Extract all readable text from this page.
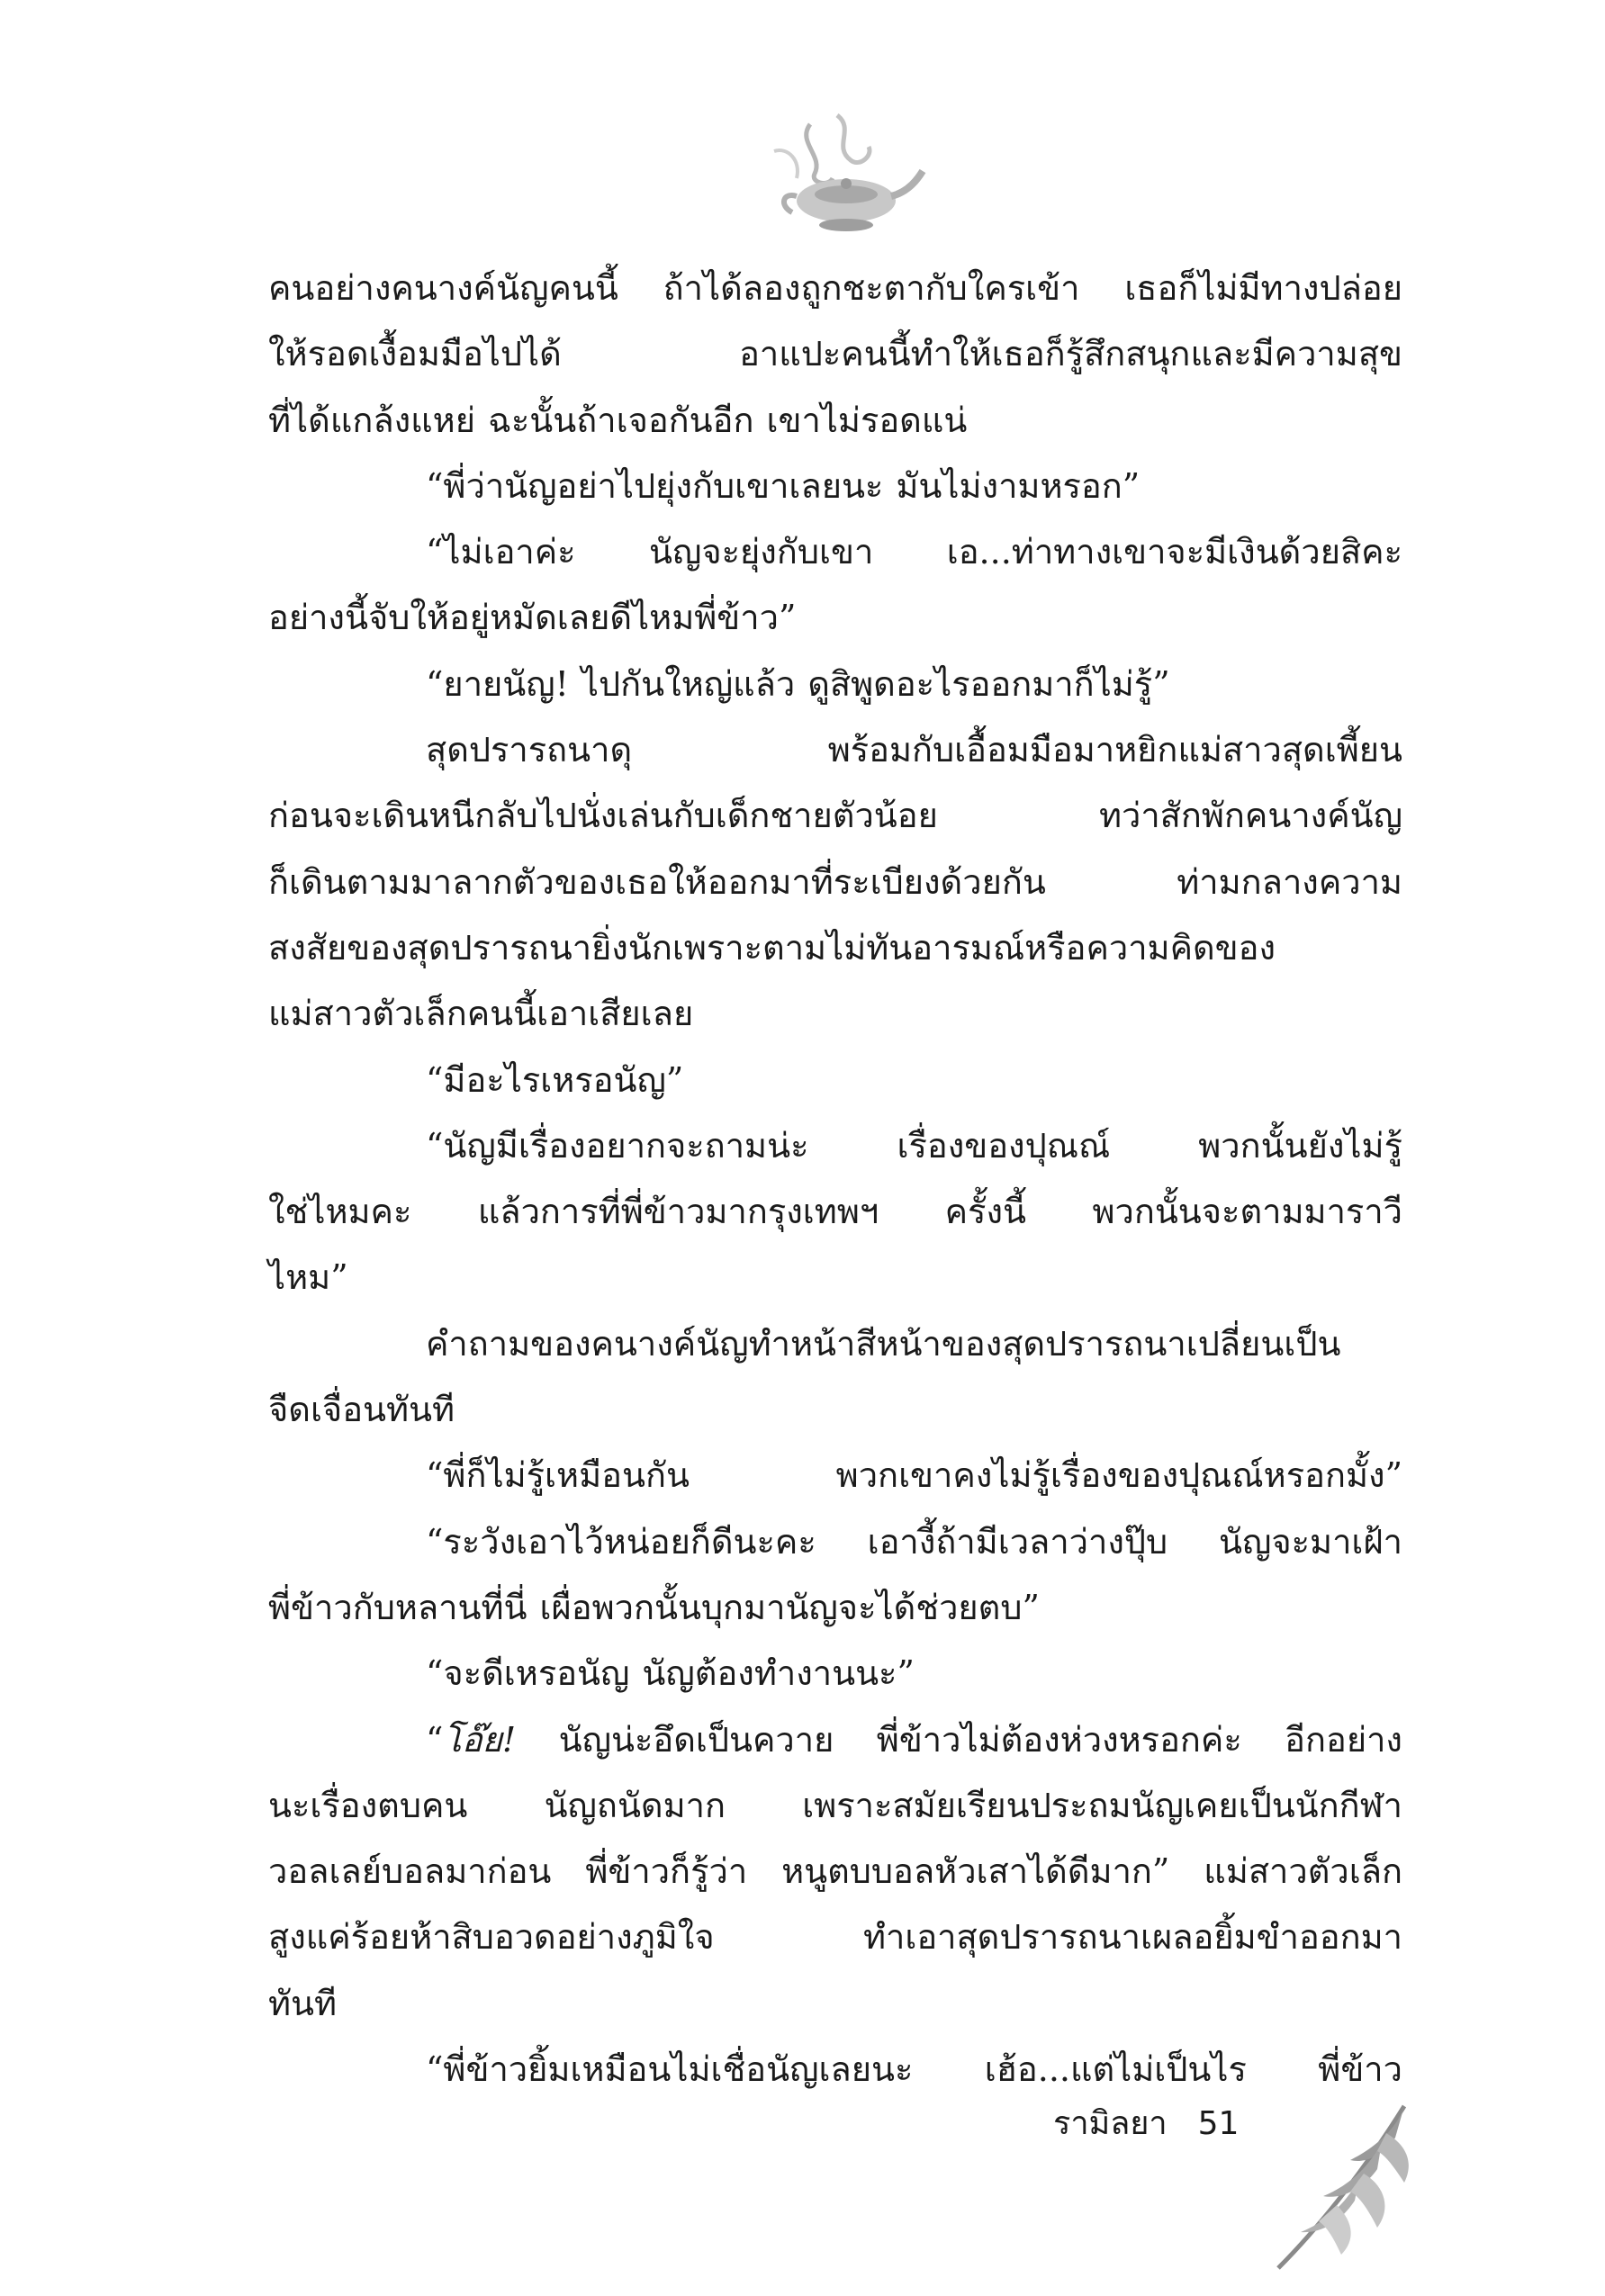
คนอย่างคนางค์นัญคนนี้ ถ้าได้ลองถูกชะตากับใครเข้า เธอก็ไม่มีทางปล่อย
ให้รอดเงื้อมมือไปได้	อาแปะคนนี้ทำให้เธอก็รู้สึกสนุกและมีความสุข
ที่ได้แกล้งแหย่ ฉะนั้นถ้าเจอกันอีก เขาไม่รอดแน่
“พี่ว่านัญอย่าไปยุ่งกับเขาเลยนะ มันไม่งามหรอก”
“ไม่เอาค่ะ นัญจะยุ่งกับเขา เอ...ท่าทางเขาจะมีเงินด้วยสิคะ
อย่างนี้จับให้อยู่หมัดเลยดีไหมพี่ข้าว”
“ยายนัญ! ไปกันใหญ่แล้ว ดูสิพูดอะไรออกมาก็ไม่รู้”
สุดปรารถนาดุ	พร้อมกับเอื้อมมือมาหยิกแม่สาวสุดเพี้ยน
ก่อนจะเดินหนีกลับไปนั่งเล่นกับเด็กชายตัวน้อย	ทว่าสักพักคนางค์นัญ
ก็เดินตามมาลากตัวของเธอให้ออกมาที่ระเบียงด้วยกัน	ท่ามกลางความ
สงสัยของสุดปรารถนายิ่งนักเพราะตามไม่ทันอารมณ์หรือความคิดของ
แม่สาวตัวเล็กคนนี้เอาเสียเลย
“มีอะไรเหรอนัญ”
“นัญมีเรื่องอยากจะถามน่ะ	เรื่องของปุณณ์	พวกนั้นยังไม่รู้
ใช่ไหมคะ แล้วการที่พี่ข้าวมากรุงเทพฯ ครั้งนี้ พวกนั้นจะตามมาราวี
ไหม”
คำถามของคนางค์นัญทำหน้าสีหน้าของสุดปรารถนาเปลี่ยนเป็น
จืดเจื่อนทันที
“พี่ก็ไม่รู้เหมือนกัน	พวกเขาคงไม่รู้เรื่องของปุณณ์หรอกมั้ง”
“ระวังเอาไว้หน่อยก็ดีนะคะ เอางี้ถ้ามีเวลาว่างปุ๊บ นัญจะมาเฝ้า
พี่ข้าวกับหลานที่นี่ เผื่อพวกนั้นบุกมานัญจะได้ช่วยตบ”
“จะดีเหรอนัญ นัญต้องทำงานนะ”
“โอ๊ย! นัญน่ะอึดเป็นควาย พี่ข้าวไม่ต้องห่วงหรอกค่ะ อีกอย่าง
นะเรื่องตบคน นัญถนัดมาก เพราะสมัยเรียนประถมนัญเคยเป็นนักกีฬา
วอลเลย์บอลมาก่อน พี่ข้าวก็รู้ว่า หนูตบบอลหัวเสาได้ดีมาก” แม่สาวตัวเล็ก
สูงแค่ร้อยห้าสิบอวดอย่างภูมิใจ	ทำเอาสุดปรารถนาเผลอยิ้มขำออกมา
ทันที
“พี่ข้าวยิ้มเหมือนไม่เชื่อนัญเลยนะ เฮ้อ...แต่ไม่เป็นไร พี่ข้าว
รามิลยา 51
